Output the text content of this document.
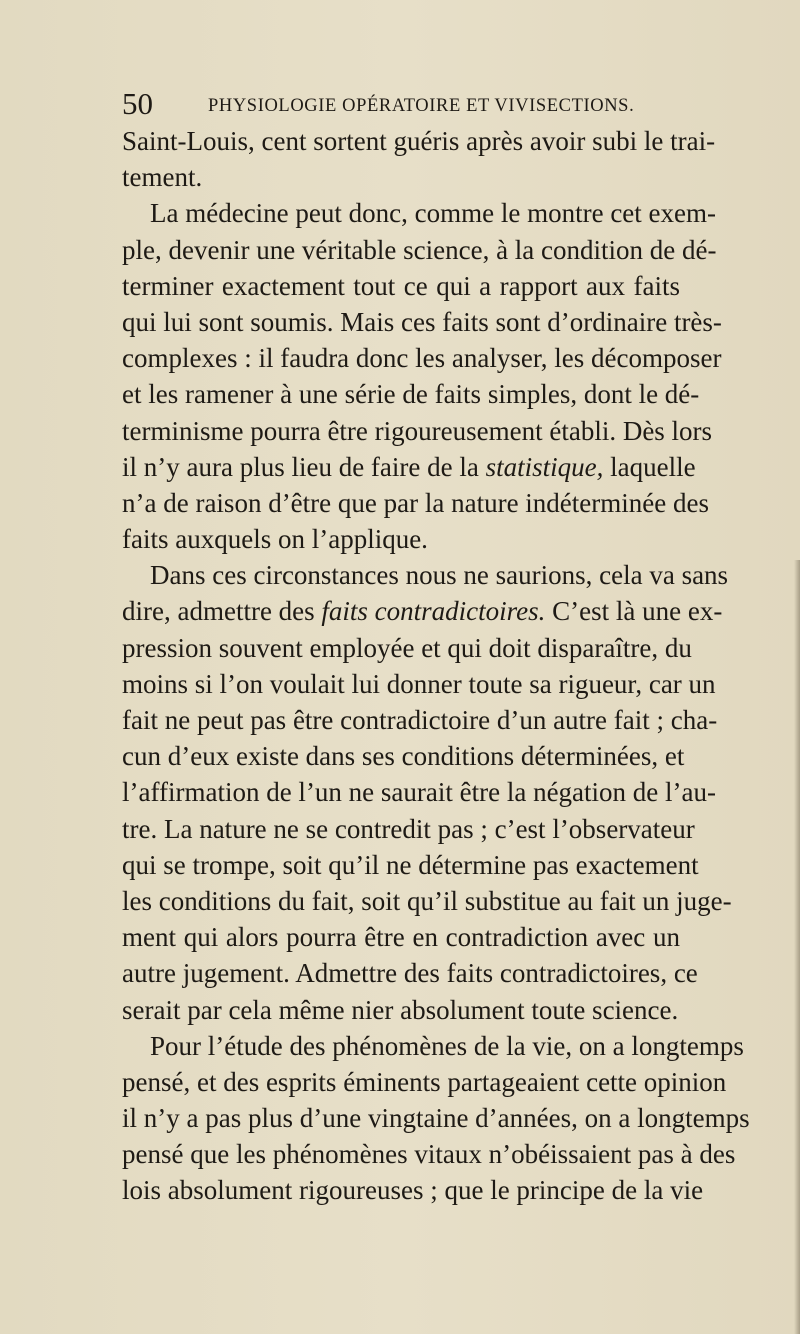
50	PHYSIOLOGIE OPÉRATOIRE ET VIVISECTIONS.
Saint-Louis, cent sortent guéris après avoir subi le trai-
tement.
La médecine peut donc, comme le montre cet exem-
ple, devenir une véritable science, à la condition de dé-
terminer exactement tout ce qui a rapport aux faits
qui lui sont soumis. Mais ces faits sont d’ordinaire très-
complexes : il faudra donc les analyser, les décomposer
et les ramener à une série de faits simples, dont le dé-
terminisme pourra être rigoureusement établi. Dès lors
il n’y aura plus lieu de faire de la statistique, laquelle
n’a de raison d’être que par la nature indéterminée des
faits auxquels on l’applique.
Dans ces circonstances nous ne saurions, cela va sans
dire, admettre des faits contradictoires. C’est là une ex-
pression souvent employée et qui doit disparaître, du
moins si l’on voulait lui donner toute sa rigueur, car un
fait ne peut pas être contradictoire d’un autre fait ; cha-
cun d’eux existe dans ses conditions déterminées, et
l’affirmation de l’un ne saurait être la négation de l’au-
tre. La nature ne se contredit pas ; c’est l’observateur
qui se trompe, soit qu’il ne détermine pas exactement
les conditions du fait, soit qu’il substitue au fait un juge-
ment qui alors pourra être en contradiction avec un
autre jugement. Admettre des faits contradictoires, ce
serait par cela même nier absolument toute science.
Pour l’étude des phénomènes de la vie, on a longtemps
pensé, et des esprits éminents partageaient cette opinion
il n’y a pas plus d’une vingtaine d’années, on a longtemps
pensé que les phénomènes vitaux n’obéissaient pas à des
lois absolument rigoureuses ; que le principe de la vie
